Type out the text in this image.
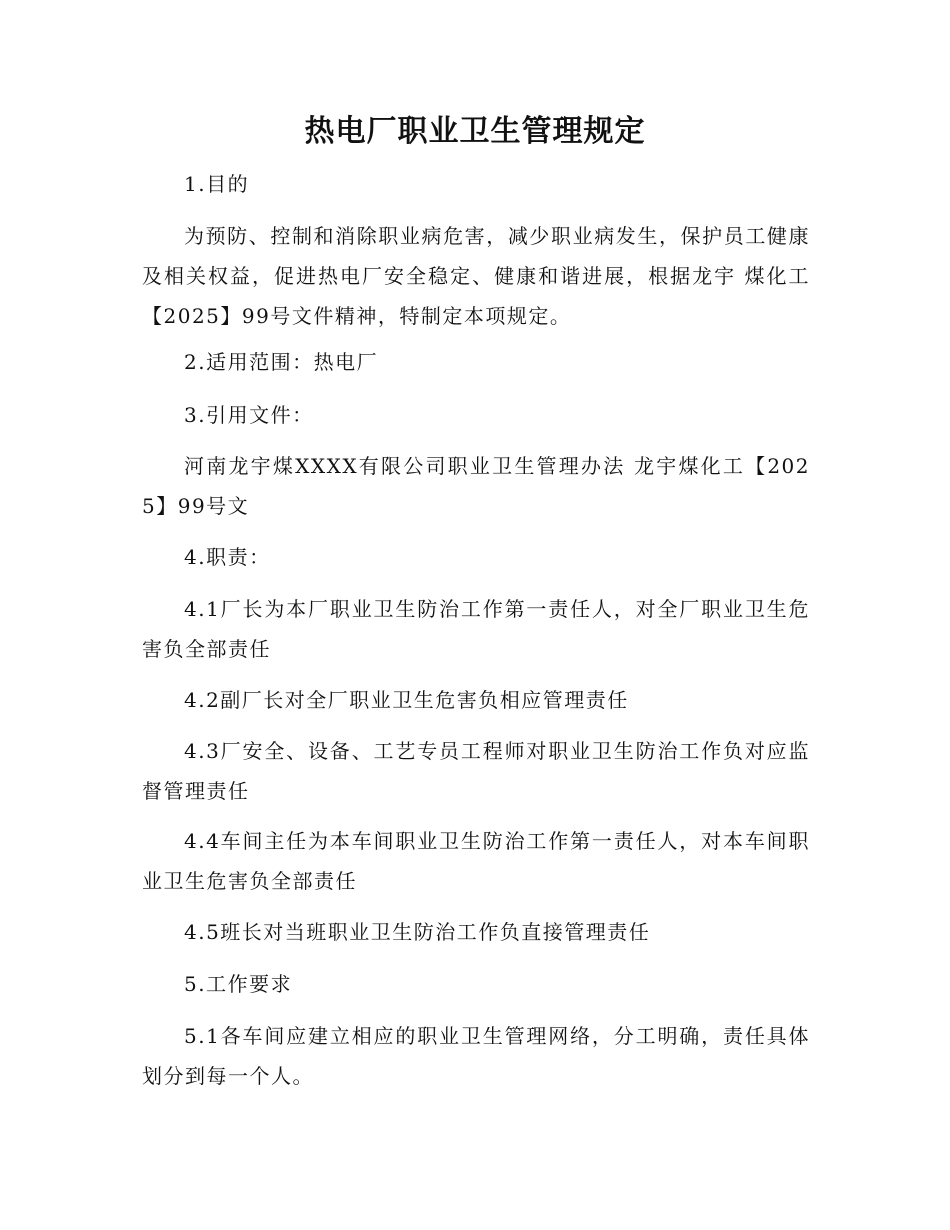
热电厂职业卫生管理规定
1.目的
为预防、控制和消除职业病危害，减少职业病发生，保护员工健康及相关权益，促进热电厂安全稳定、健康和谐进展，根据龙宇 煤化工【2025】99号文件精神，特制定本项规定。
2.适用范围：热电厂
3.引用文件：
河南龙宇煤XXXX有限公司职业卫生管理办法 龙宇煤化工【2025】99号文
4.职责：
4.1厂长为本厂职业卫生防治工作第一责任人，对全厂职业卫生危害负全部责任
4.2副厂长对全厂职业卫生危害负相应管理责任
4.3厂安全、设备、工艺专员工程师对职业卫生防治工作负对应监督管理责任
4.4车间主任为本车间职业卫生防治工作第一责任人，对本车间职业卫生危害负全部责任
4.5班长对当班职业卫生防治工作负直接管理责任
5.工作要求
5.1各车间应建立相应的职业卫生管理网络，分工明确，责任具体划分到每一个人。
